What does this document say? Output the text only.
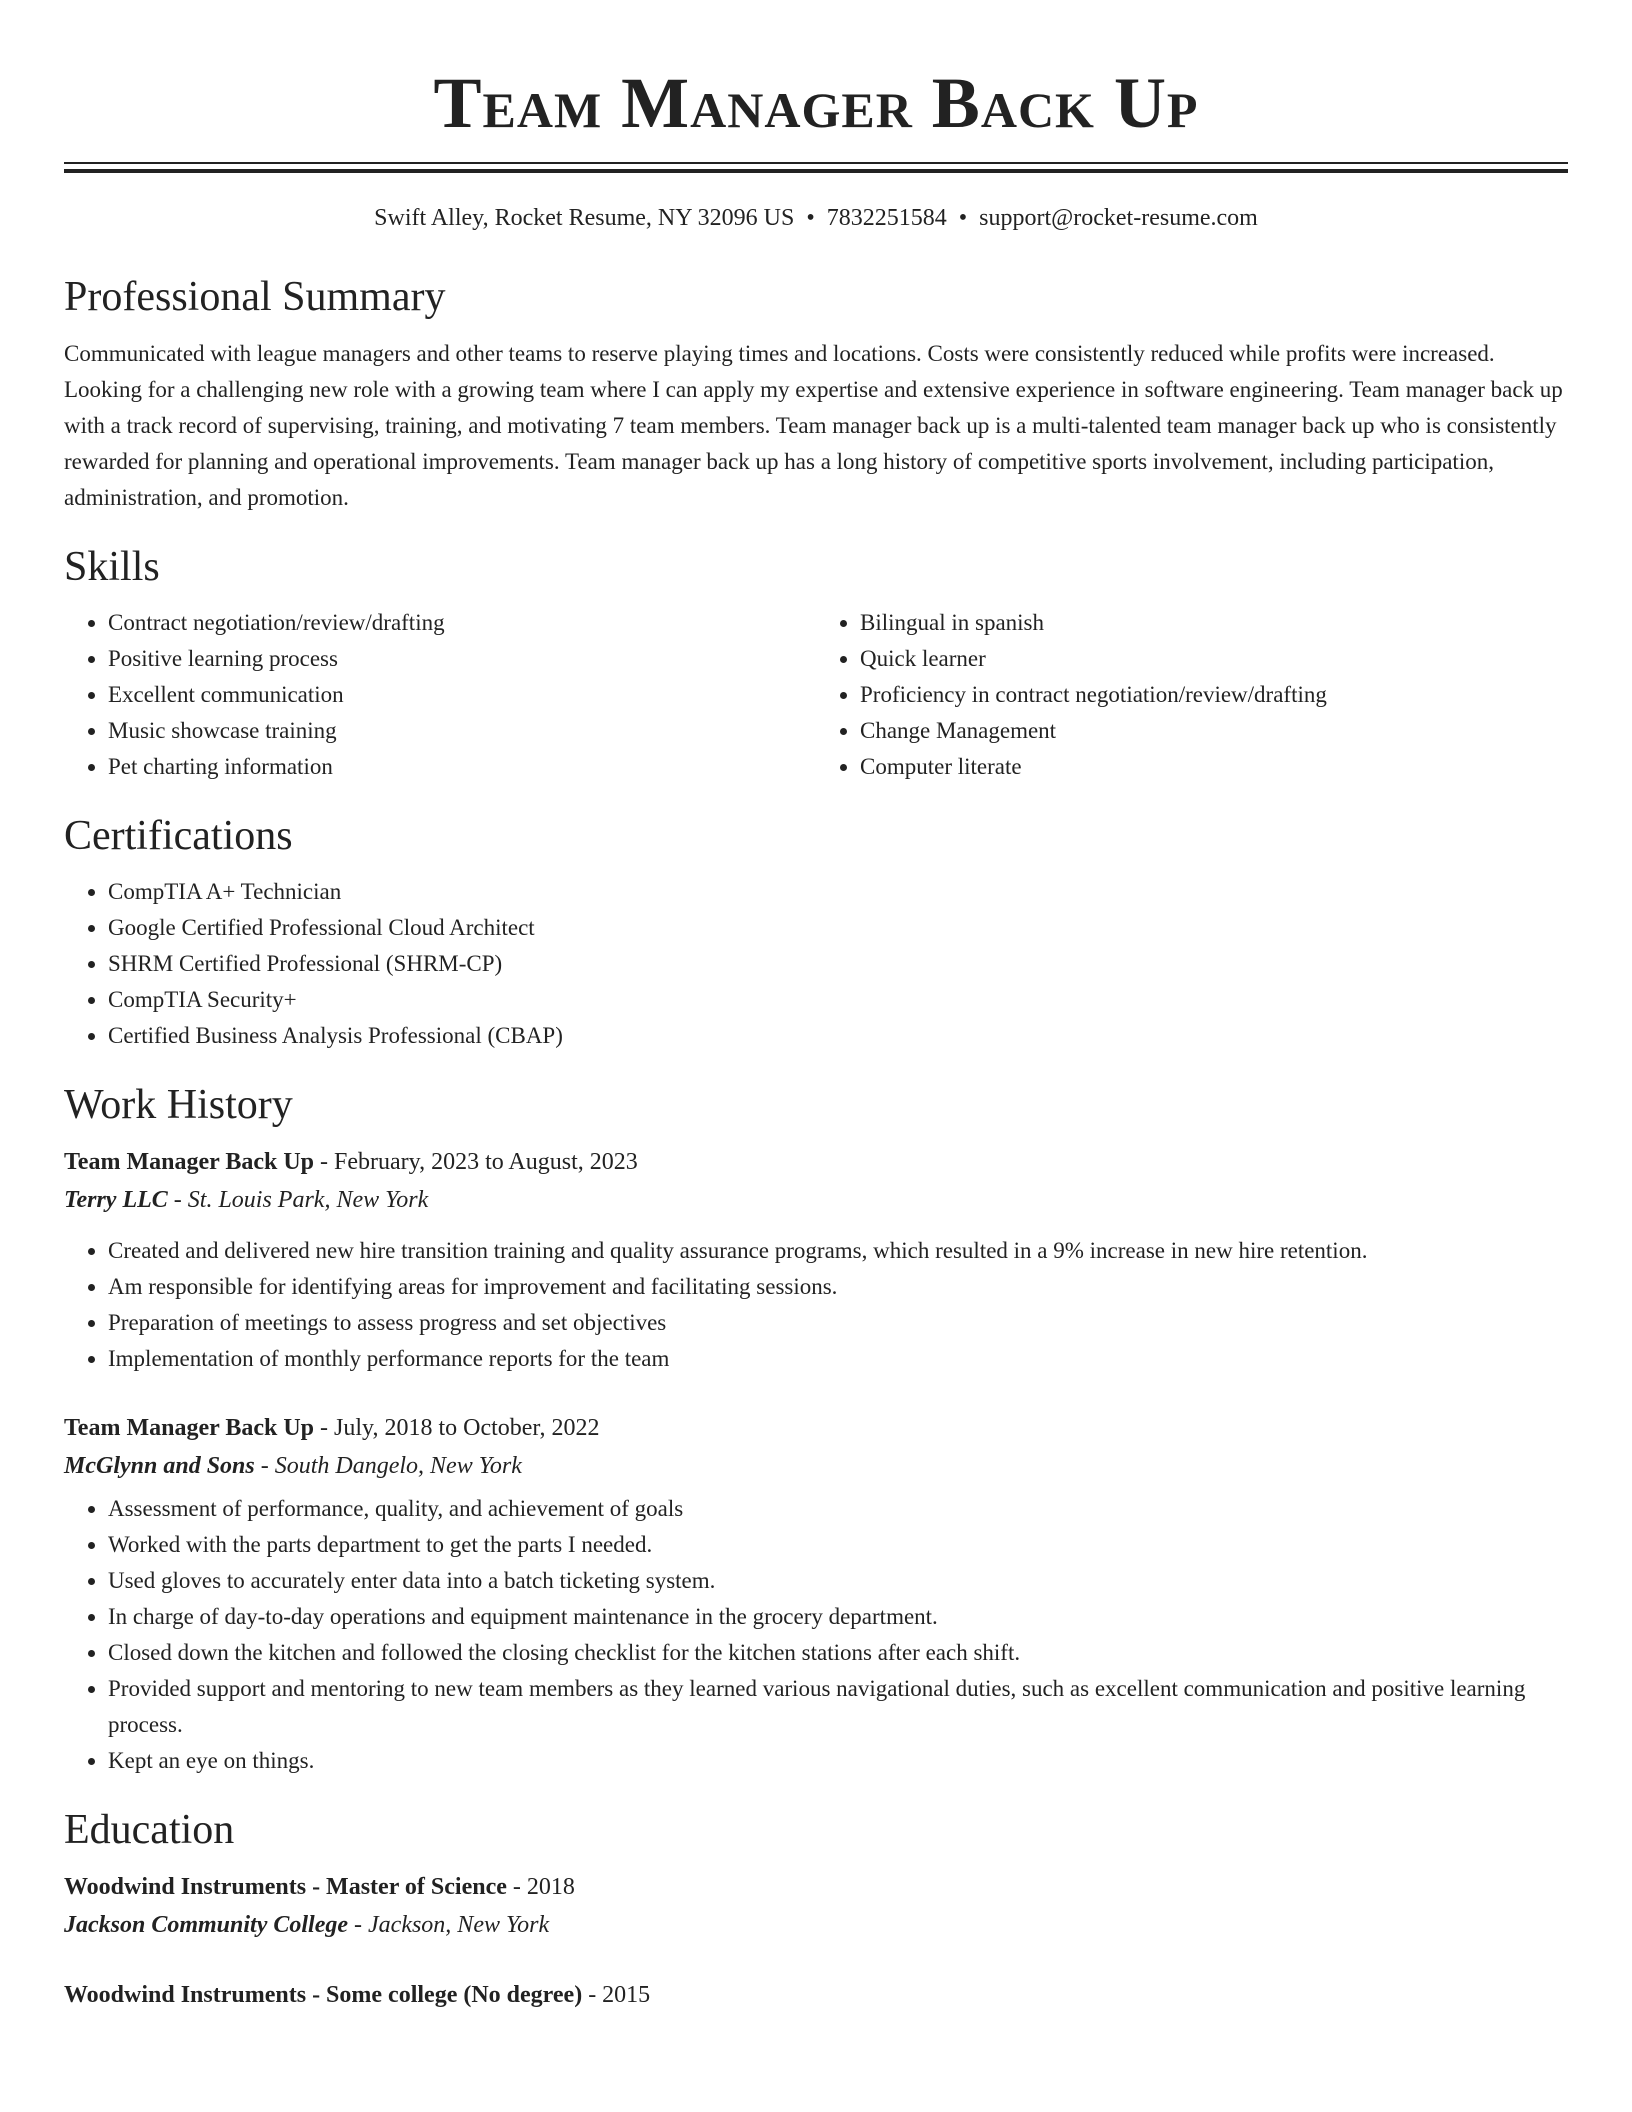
Team Manager Back Up
Swift Alley, Rocket Resume, NY 32096 US • 7832251584 • support@rocket-resume.com
Professional Summary

Communicated with league managers and other teams to reserve playing times and locations. Costs were consistently reduced while profits were increased. Looking for a challenging new role with a growing team where I can apply my expertise and extensive experience in software engineering. Team manager back up with a track record of supervising, training, and motivating 7 team members. Team manager back up is a multi-talented team manager back up who is consistently rewarded for planning and operational improvements. Team manager back up has a long history of competitive sports involvement, including participation, administration, and promotion.

Skills
• Contract negotiation/review/drafting
• Positive learning process
• Excellent communication
• Music showcase training
• Pet charting information
• Bilingual in spanish
• Quick learner
• Proficiency in contract negotiation/review/drafting
• Change Management
• Computer literate
Certifications
• CompTIA A+ Technician
• Google Certified Professional Cloud Architect
• SHRM Certified Professional (SHRM-CP)
• CompTIA Security+
• Certified Business Analysis Professional (CBAP)
Work History
Team Manager Back Up - February, 2023 to August, 2023
Terry LLC - St. Louis Park, New York
• Created and delivered new hire transition training and quality assurance programs, which resulted in a 9% increase in new hire retention.
• Am responsible for identifying areas for improvement and facilitating sessions.
• Preparation of meetings to assess progress and set objectives
• Implementation of monthly performance reports for the team
Team Manager Back Up - July, 2018 to October, 2022
McGlynn and Sons - South Dangelo, New York
• Assessment of performance, quality, and achievement of goals
• Worked with the parts department to get the parts I needed.
• Used gloves to accurately enter data into a batch ticketing system.
• In charge of day-to-day operations and equipment maintenance in the grocery department.
• Closed down the kitchen and followed the closing checklist for the kitchen stations after each shift.
• Provided support and mentoring to new team members as they learned various navigational duties, such as excellent communication and positive learning process.
• Kept an eye on things.
Education
Woodwind Instruments - Master of Science - 2018
Jackson Community College - Jackson, New York
Woodwind Instruments - Some college (No degree) - 2015
